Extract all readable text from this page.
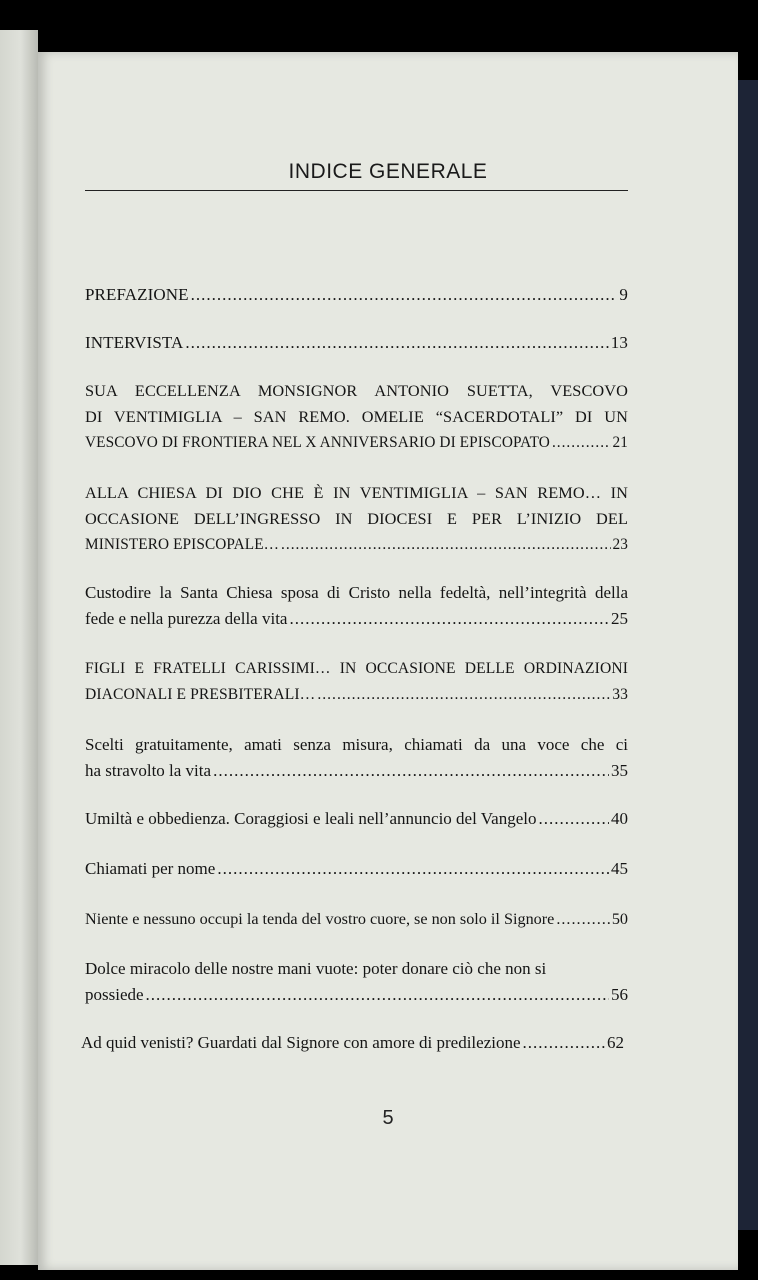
INDICE GENERALE
PREFAZIONE .....	9
INTERVISTA .....	13
SUA ECCELLENZA MONSIGNOR ANTONIO SUETTA, VESCOVO
DI VENTIMIGLIA – SAN REMO. OMELIE “SACERDOTALI” DI UN
VESCOVO DI FRONTIERA NEL X ANNIVERSARIO DI EPISCOPATO .....	21
ALLA CHIESA DI DIO CHE È IN VENTIMIGLIA – SAN REMO… IN
OCCASIONE DELL’INGRESSO IN DIOCESI E PER L’INIZIO DEL
MINISTERO EPISCOPALE… .....	23
Custodire la Santa Chiesa sposa di Cristo nella fedeltà, nell’integrità della
fede e nella purezza della vita .....	25
FIGLI E FRATELLI CARISSIMI… IN OCCASIONE DELLE ORDINAZIONI
DIACONALI E PRESBITERALI… .....	33
Scelti gratuitamente, amati senza misura, chiamati da una voce che ci
ha stravolto la vita .....	35
Umiltà e obbedienza. Coraggiosi e leali nell’annuncio del Vangelo .....	40
Chiamati per nome .....	45
Niente e nessuno occupi la tenda del vostro cuore, se non solo il Signore .....	50
Dolce miracolo delle nostre mani vuote: poter donare ciò che non si
possiede .....	56
Ad quid venisti? Guardati dal Signore con amore di predilezione .....	62
5
